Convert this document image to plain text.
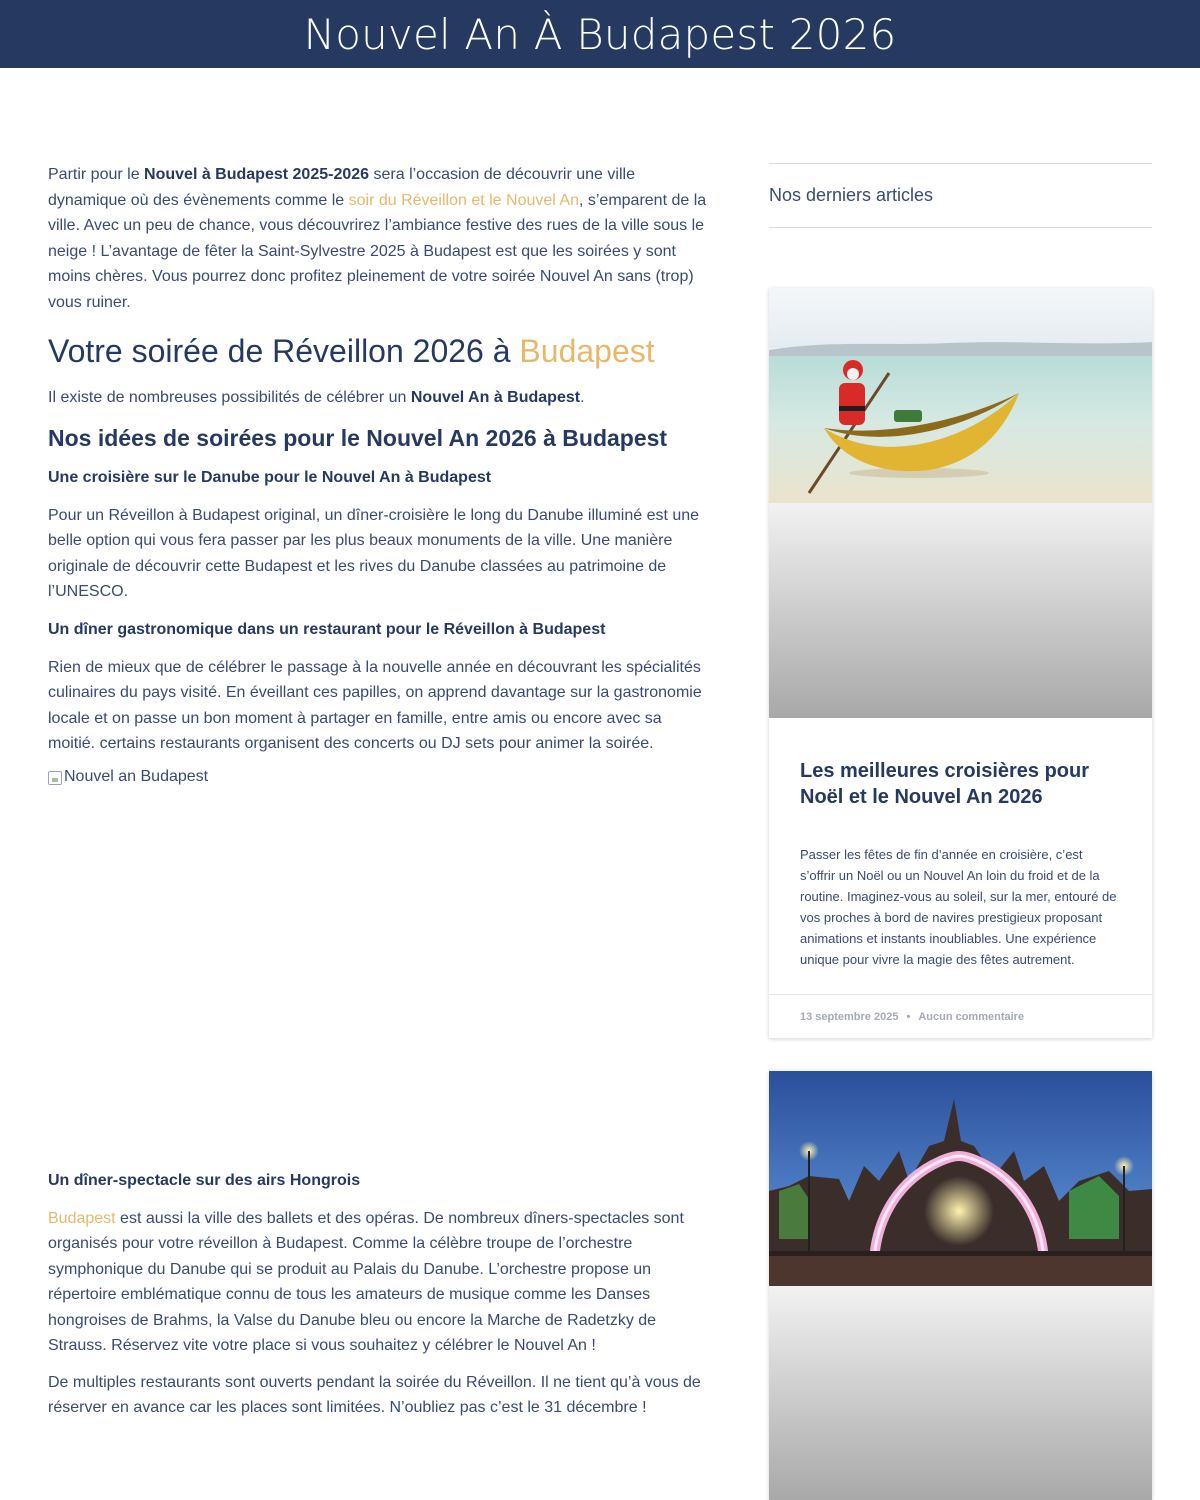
Nouvel An À Budapest 2026

Partir pour le Nouvel à Budapest 2025-2026 sera l’occasion de découvrir une ville dynamique où des évènements comme le soir du Réveillon et le Nouvel An, s’emparent de la ville. Avec un peu de chance, vous découvrirez l’ambiance festive des rues de la ville sous le neige ! L’avantage de fêter la Saint-Sylvestre 2025 à Budapest est que les soirées y sont moins chères. Vous pourrez donc profitez pleinement de votre soirée Nouvel An sans (trop) vous ruiner.

Votre soirée de Réveillon 2026 à Budapest

Il existe de nombreuses possibilités de célébrer un Nouvel An à Budapest.

Nos idées de soirées pour le Nouvel An 2026 à Budapest
Une croisière sur le Danube pour le Nouvel An à Budapest

Pour un Réveillon à Budapest original, un dîner-croisière le long du Danube illuminé est une belle option qui vous fera passer par les plus beaux monuments de la ville. Une manière originale de découvrir cette Budapest et les rives du Danube classées au patrimoine de l’UNESCO.

Un dîner gastronomique dans un restaurant pour le Réveillon à Budapest

Rien de mieux que de célébrer le passage à la nouvelle année en découvrant les spécialités culinaires du pays visité. En éveillant ces papilles, on apprend davantage sur la gastronomie locale et on passe un bon moment à partager en famille, entre amis ou encore avec sa moitié. certains restaurants organisent des concerts ou DJ sets pour animer la soirée.

Nouvel an Budapest
Un dîner-spectacle sur des airs Hongrois

Budapest est aussi la ville des ballets et des opéras. De nombreux dîners-spectacles sont organisés pour votre réveillon à Budapest. Comme la célèbre troupe de l’orchestre symphonique du Danube qui se produit au Palais du Danube. L’orchestre propose un répertoire emblématique connu de tous les amateurs de musique comme les Danses hongroises de Brahms, la Valse du Danube bleu ou encore la Marche de Radetzky de Strauss. Réservez vite votre place si vous souhaitez y célébrer le Nouvel An !

De multiples restaurants sont ouverts pendant la soirée du Réveillon. Il ne tient qu’à vous de réserver en avance car les places sont limitées. N’oubliez pas c’est le 31 décembre !

Nos derniers articles
Les meilleures croisières pour Noël et le Nouvel An 2026

Passer les fêtes de fin d’année en croisière, c’est s’offrir un Noël ou un Nouvel An loin du froid et de la routine. Imaginez-vous au soleil, sur la mer, entouré de vos proches à bord de navires prestigieux proposant animations et instants inoubliables. Une expérience unique pour vivre la magie des fêtes autrement.

13 septembre 2025 • Aucun commentaire
